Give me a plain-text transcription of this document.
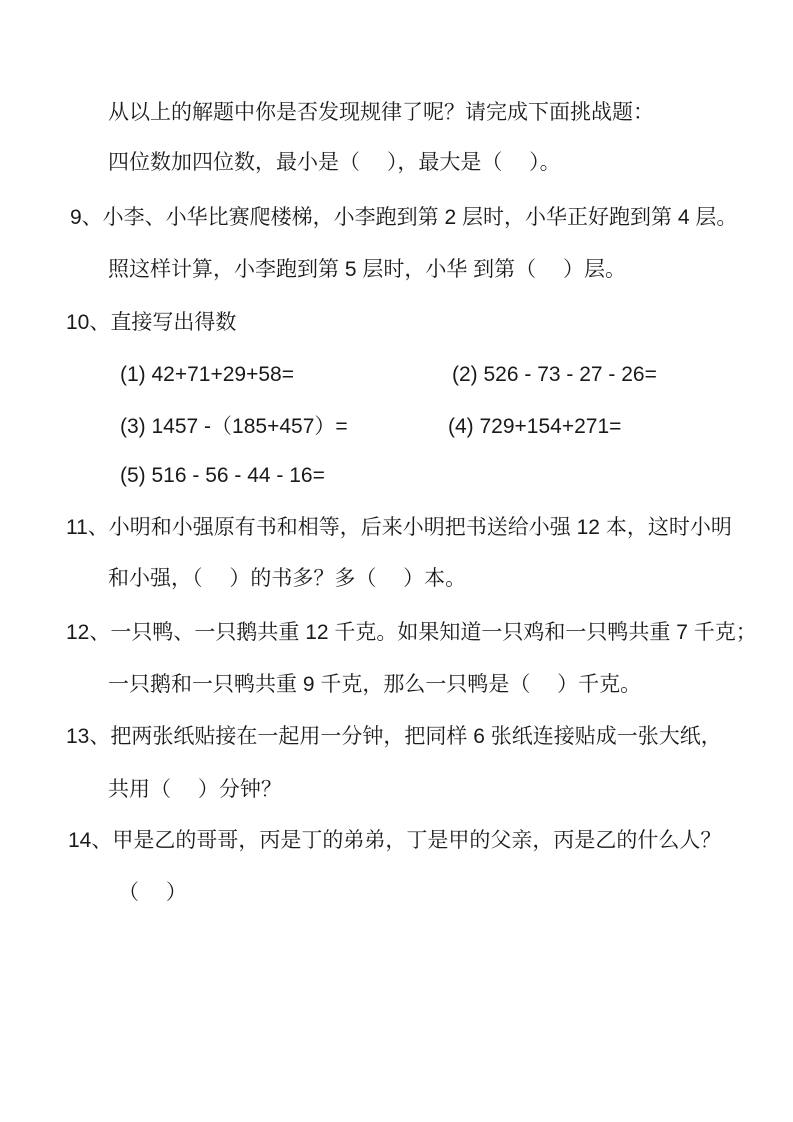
从以上的解题中你是否发现规律了呢？请完成下面挑战题：
四位数加四位数，最小是（　 ），最大是（　 ）。
9、小李、小华比赛爬楼梯，小李跑到第 2 层时，小华正好跑到第 4 层。
照这样计算，小李跑到第 5 层时，小华 到第（　 ）层。
10、直接写出得数
(1) 42+71+29+58=	(2) 526 - 73 - 27 - 26=
(3) 1457 -（185+457）=	(4) 729+154+271=
(5) 516 - 56 - 44 - 16=
11、小明和小强原有书和相等，后来小明把书送给小强 12 本，这时小明
和小强，（　 ）的书多？多（　 ）本。
12、一只鸭、一只鹅共重 12 千克。如果知道一只鸡和一只鸭共重 7 千克；
一只鹅和一只鸭共重 9 千克，那么一只鸭是（　 ）千克。
13、把两张纸贴接在一起用一分钟，把同样 6 张纸连接贴成一张大纸，
共用（　 ）分钟？
14、甲是乙的哥哥，丙是丁的弟弟，丁是甲的父亲，丙是乙的什么人？
（　 ）
